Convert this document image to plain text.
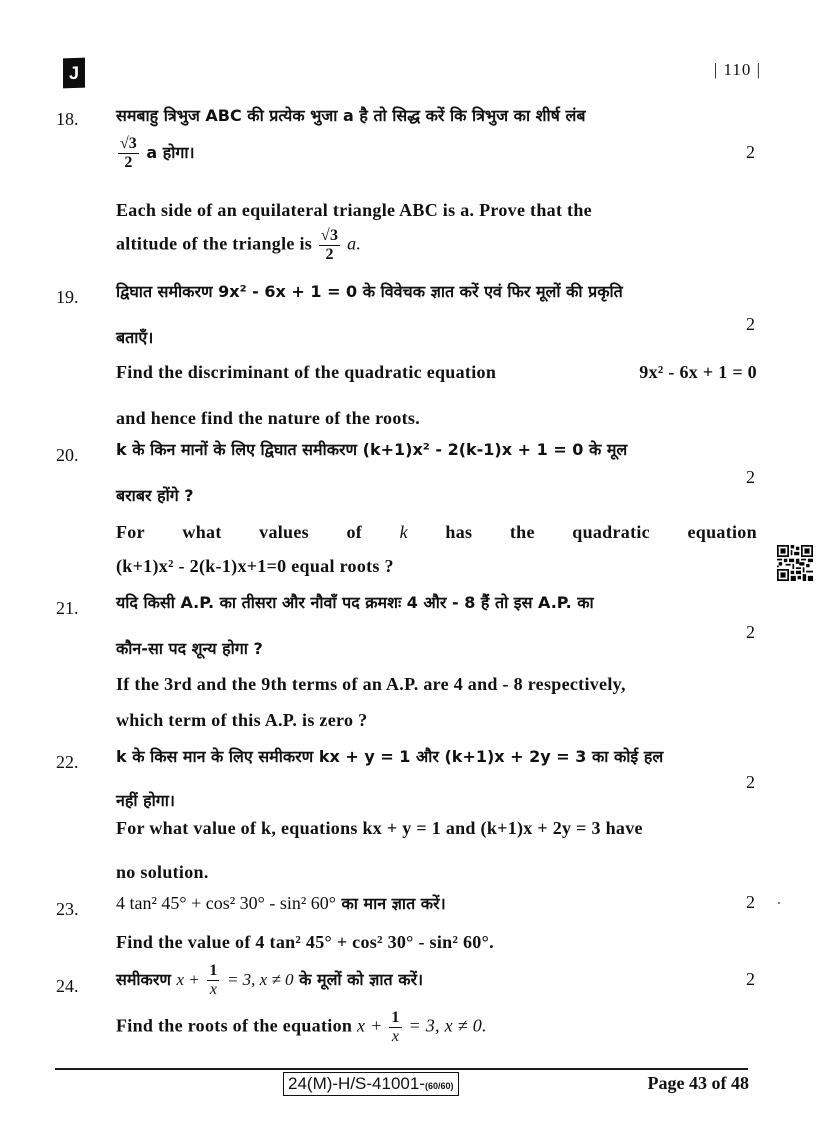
J	| 110 |
18. समबाहु त्रिभुज ABC की प्रत्येक भुजा a है तो सिद्ध करें कि त्रिभुज का शीर्ष लंब
$\frac{√3}{2}$ a होगा।	2
Each side of an equilateral triangle ABC is a. Prove that the
altitude of the triangle is $\frac{√3}{2} a$.
19. द्विघात समीकरण 9x² - 6x + 1 = 0 के विवेचक ज्ञात करें एवं फिर मूलों की प्रकृति
2
बताएँ।
Find the discriminant of the quadratic equation	9x² - 6x + 1 = 0
and hence find the nature of the roots.
20. k के किन मानों के लिए द्विघात समीकरण (k+1)x² - 2(k-1)x + 1 = 0 के मूल
2
बराबर होंगे ?
For what values of k has the quadratic equation
(k+1)x² - 2(k-1)x+1=0 equal roots ?
21. यदि किसी A.P. का तीसरा और नौवाँ पद क्रमशः 4 और - 8 हैं तो इस A.P. का
2
कौन-सा पद शून्य होगा ?
If the 3rd and the 9th terms of an A.P. are 4 and - 8 respectively,
which term of this A.P. is zero ?
22. k के किस मान के लिए समीकरण kx + y = 1 और (k+1)x + 2y = 3 का कोई हल
2
नहीं होगा।
For what value of k, equations kx + y = 1 and (k+1)x + 2y = 3 have
no solution.
23. 4 tan² 45° + cos² 30° - sin² 60° का मान ज्ञात करें।	2
Find the value of 4 tan² 45° + cos² 30° - sin² 60°.
24. समीकरण $x + \frac{1}{x} = 3$, x ≠ 0 के मूलों को ज्ञात करें।	2
Find the roots of the equation $x + \frac{1}{x} = 3$, x ≠ 0.
24(M)-H/S-41001-(60/60)	Page 43 of 48
